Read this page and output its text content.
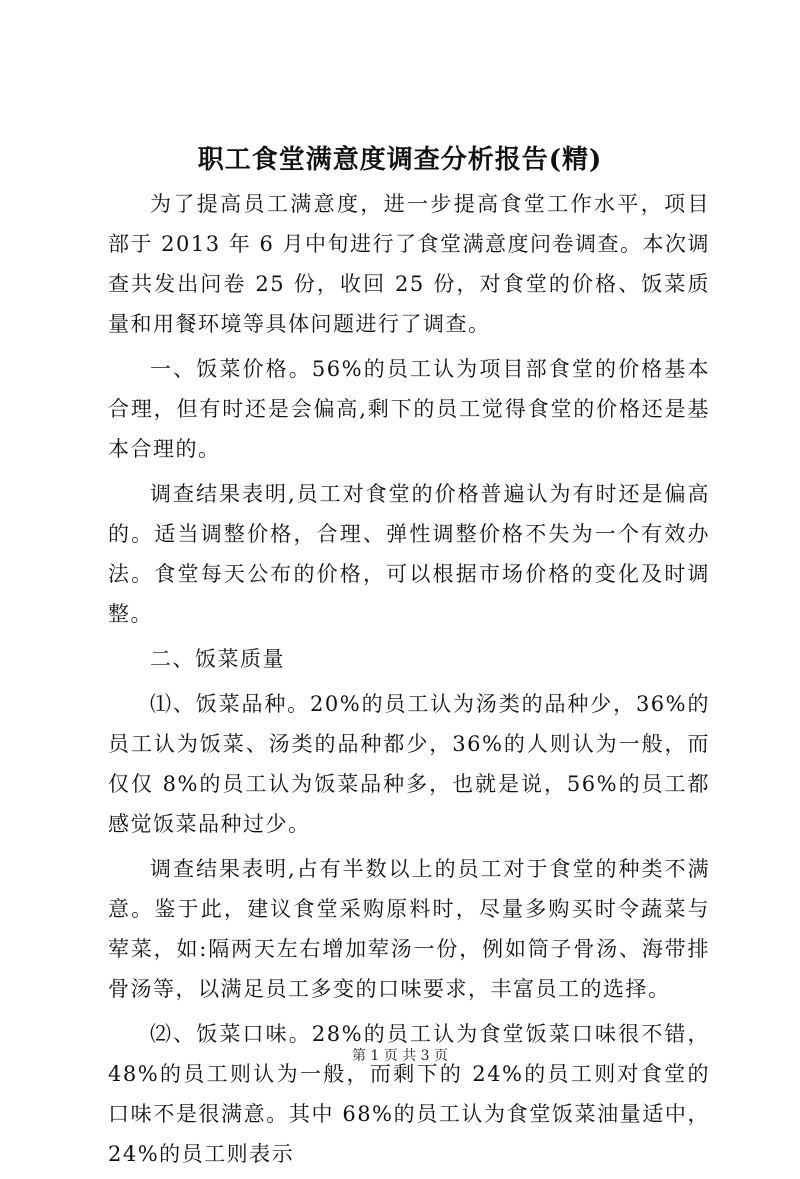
职工食堂满意度调查分析报告(精)

为了提高员工满意度，进一步提高食堂工作水平，项目部于 2013 年 6 月中旬进行了食堂满意度问卷调查。本次调查共发出问卷 25 份，收回 25 份，对食堂的价格、饭菜质量和用餐环境等具体问题进行了调查。

一、饭菜价格。56%的员工认为项目部食堂的价格基本合理，但有时还是会偏高,剩下的员工觉得食堂的价格还是基本合理的。

调查结果表明,员工对食堂的价格普遍认为有时还是偏高的。适当调整价格，合理、弹性调整价格不失为一个有效办法。食堂每天公布的价格，可以根据市场价格的变化及时调整。

二、饭菜质量

⑴、饭菜品种。20%的员工认为汤类的品种少，36%的员工认为饭菜、汤类的品种都少，36%的人则认为一般，而仅仅 8%的员工认为饭菜品种多，也就是说，56%的员工都感觉饭菜品种过少。

调查结果表明,占有半数以上的员工对于食堂的种类不满意。鉴于此，建议食堂采购原料时，尽量多购买时令蔬菜与荤菜，如:隔两天左右增加荤汤一份，例如筒子骨汤、海带排骨汤等，以满足员工多变的口味要求，丰富员工的选择。

⑵、饭菜口味。28%的员工认为食堂饭菜口味很不错，48%的员工则认为一般，而剩下的 24%的员工则对食堂的口味不是很满意。其中 68%的员工认为食堂饭菜油量适中，24%的员工则表示

第 1 页 共 3 页
